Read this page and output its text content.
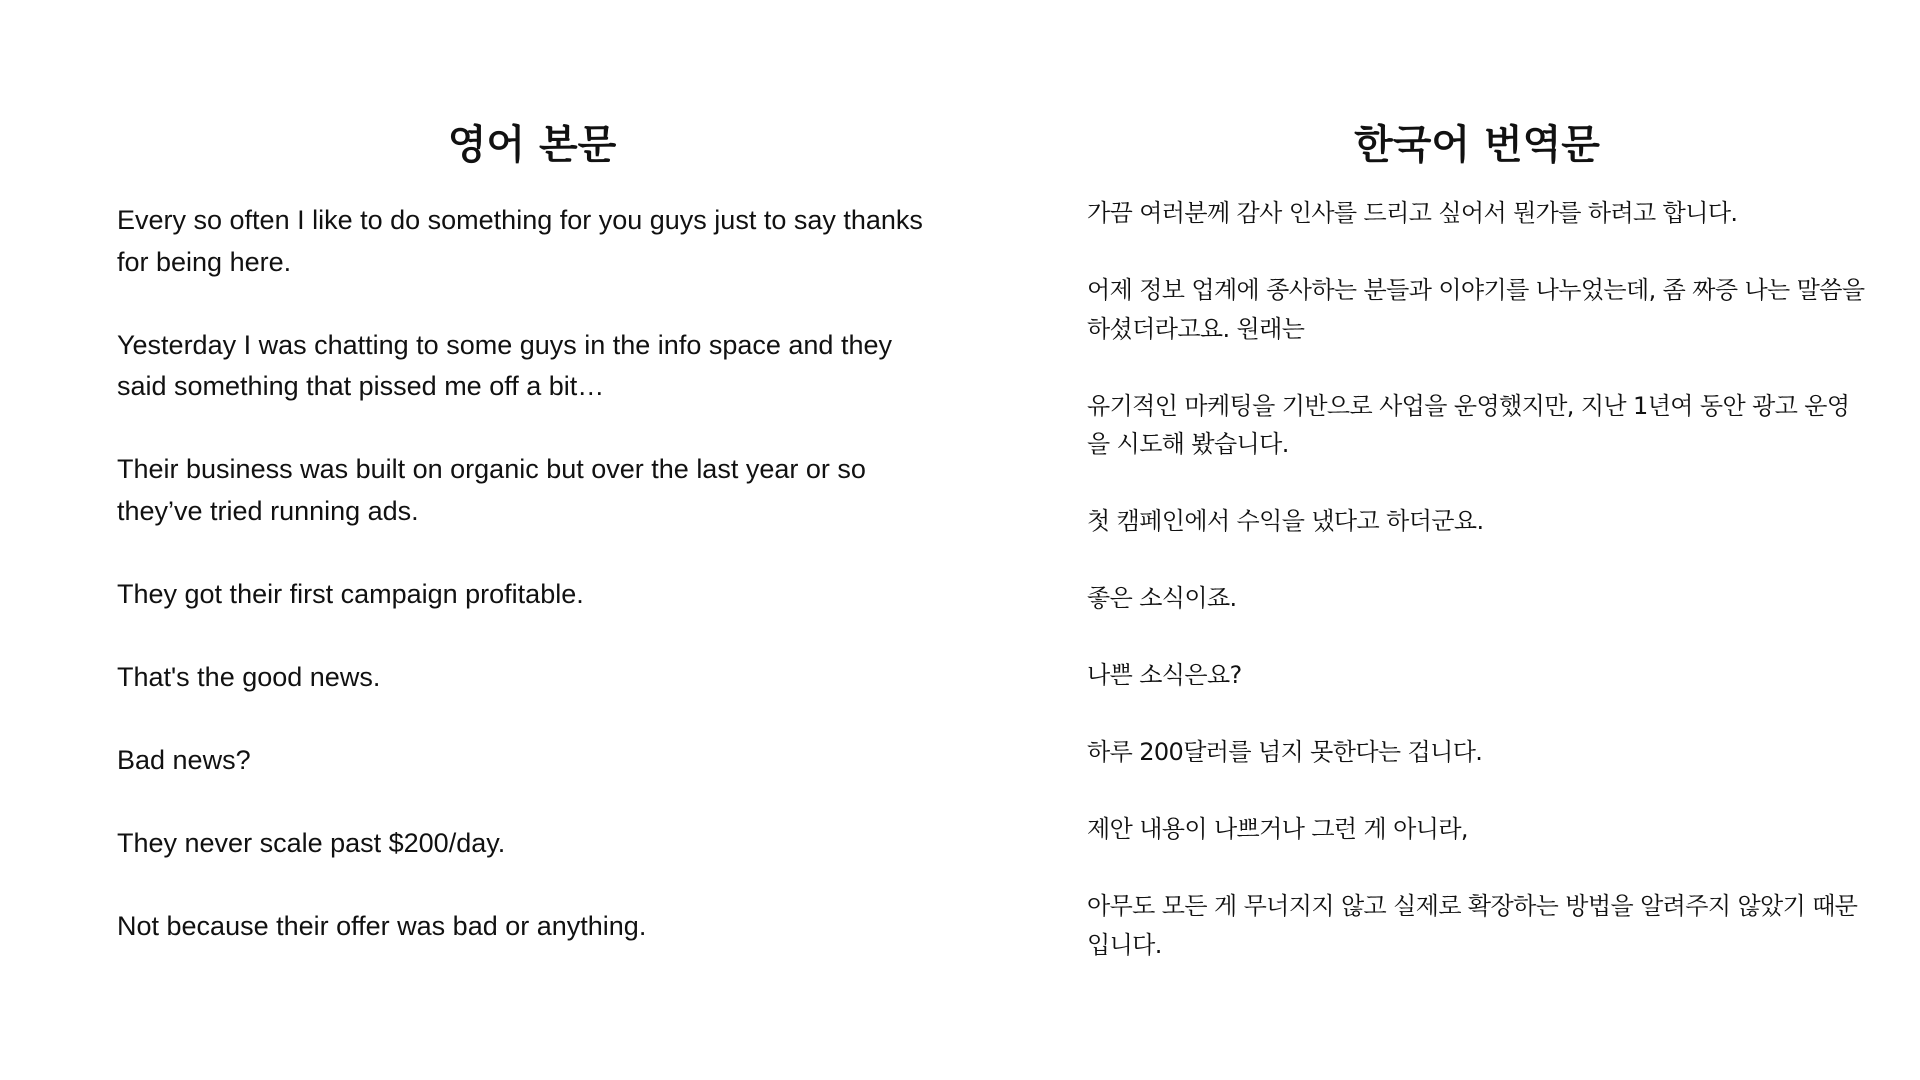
영어 본문

Every so often I like to do something for you guys just to say thanks for being here.

Yesterday I was chatting to some guys in the info space and they said something that pissed me off a bit…

Their business was built on organic but over the last year or so they’ve tried running ads.

They got their first campaign profitable.

That's the good news.

Bad news?

They never scale past $200/day.

Not because their offer was bad or anything.

한국어 번역문

가끔 여러분께 감사 인사를 드리고 싶어서 뭔가를 하려고 합니다.

어제 정보 업계에 종사하는 분들과 이야기를 나누었는데, 좀 짜증 나는 말씀을 하셨더라고요. 원래는

유기적인 마케팅을 기반으로 사업을 운영했지만, 지난 1년여 동안 광고 운영을 시도해 봤습니다.

첫 캠페인에서 수익을 냈다고 하더군요.

좋은 소식이죠.

나쁜 소식은요?

하루 200달러를 넘지 못한다는 겁니다.

제안 내용이 나쁘거나 그런 게 아니라,

아무도 모든 게 무너지지 않고 실제로 확장하는 방법을 알려주지 않았기 때문입니다.
